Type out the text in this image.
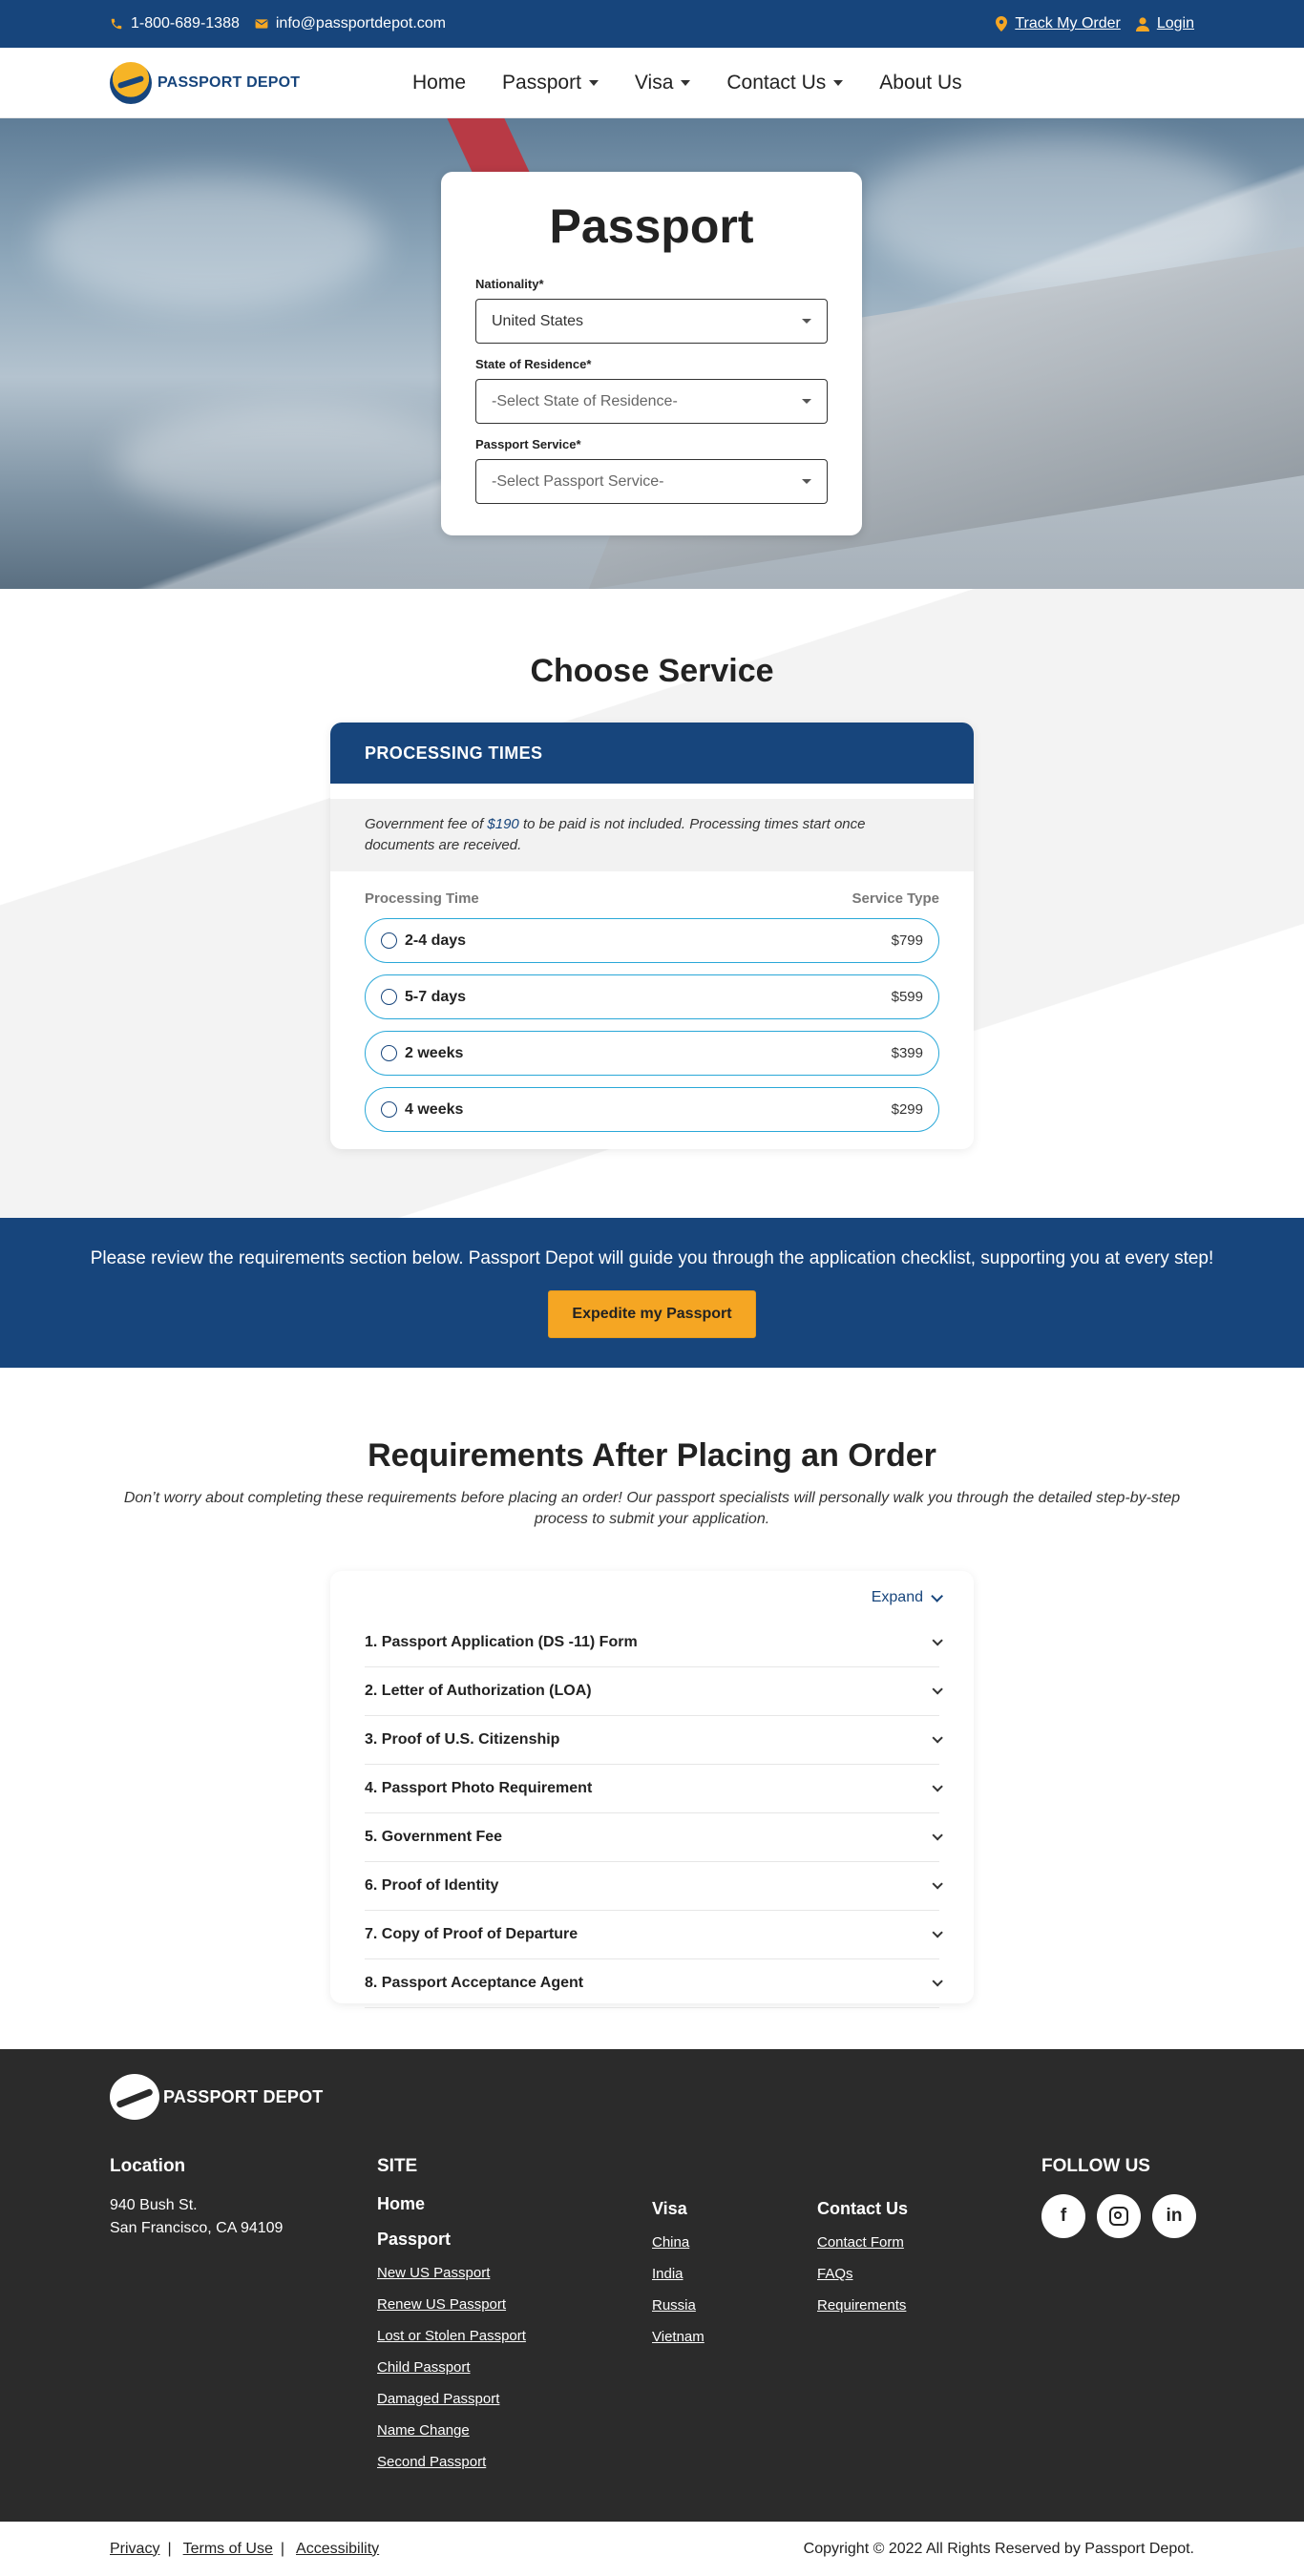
1-800-689-1388 info@passportdepot.com	Track My Order Login
PASSPORT DEPOT	Home Passport	Visa	Contact Us	About Us
Passport
Nationality*
United States
State of Residence*
-Select State of Residence-
Passport Service*
-Select Passport Service-
Choose Service
PROCESSING TIMES
Government fee of $190 to be paid is not included. Processing times start once documents are received.
Processing Time	Service Type
2-4 days	$799
5-7 days	$599
2 weeks	$399
4 weeks	$299

Please review the requirements section below. Passport Depot will guide you through the application checklist, supporting you at every step!

Expedite my Passport
Requirements After Placing an Order

Don’t worry about completing these requirements before placing an order! Our passport specialists will personally walk you through the detailed step-by-step process to submit your application.

Expand
1. Passport Application (DS -11) Form
2. Letter of Authorization (LOA)
3. Proof of U.S. Citizenship
4. Passport Photo Requirement
5. Government Fee
6. Proof of Identity
7. Copy of Proof of Departure
8. Passport Acceptance Agent
PASSPORT DEPOT
Location
940 Bush St.
San Francisco, CA 94109
SITE
Home
Passport
New US Passport
Renew US Passport
Lost or Stolen Passport
Child Passport
Damaged Passport
Name Change
Second Passport
Visa
China
India
Russia
Vietnam
Contact Us
Contact Form
FAQs
Requirements
FOLLOW US
f	in
Privacy | Terms of Use | Accessibility	Copyright © 2022 All Rights Reserved by Passport Depot.
